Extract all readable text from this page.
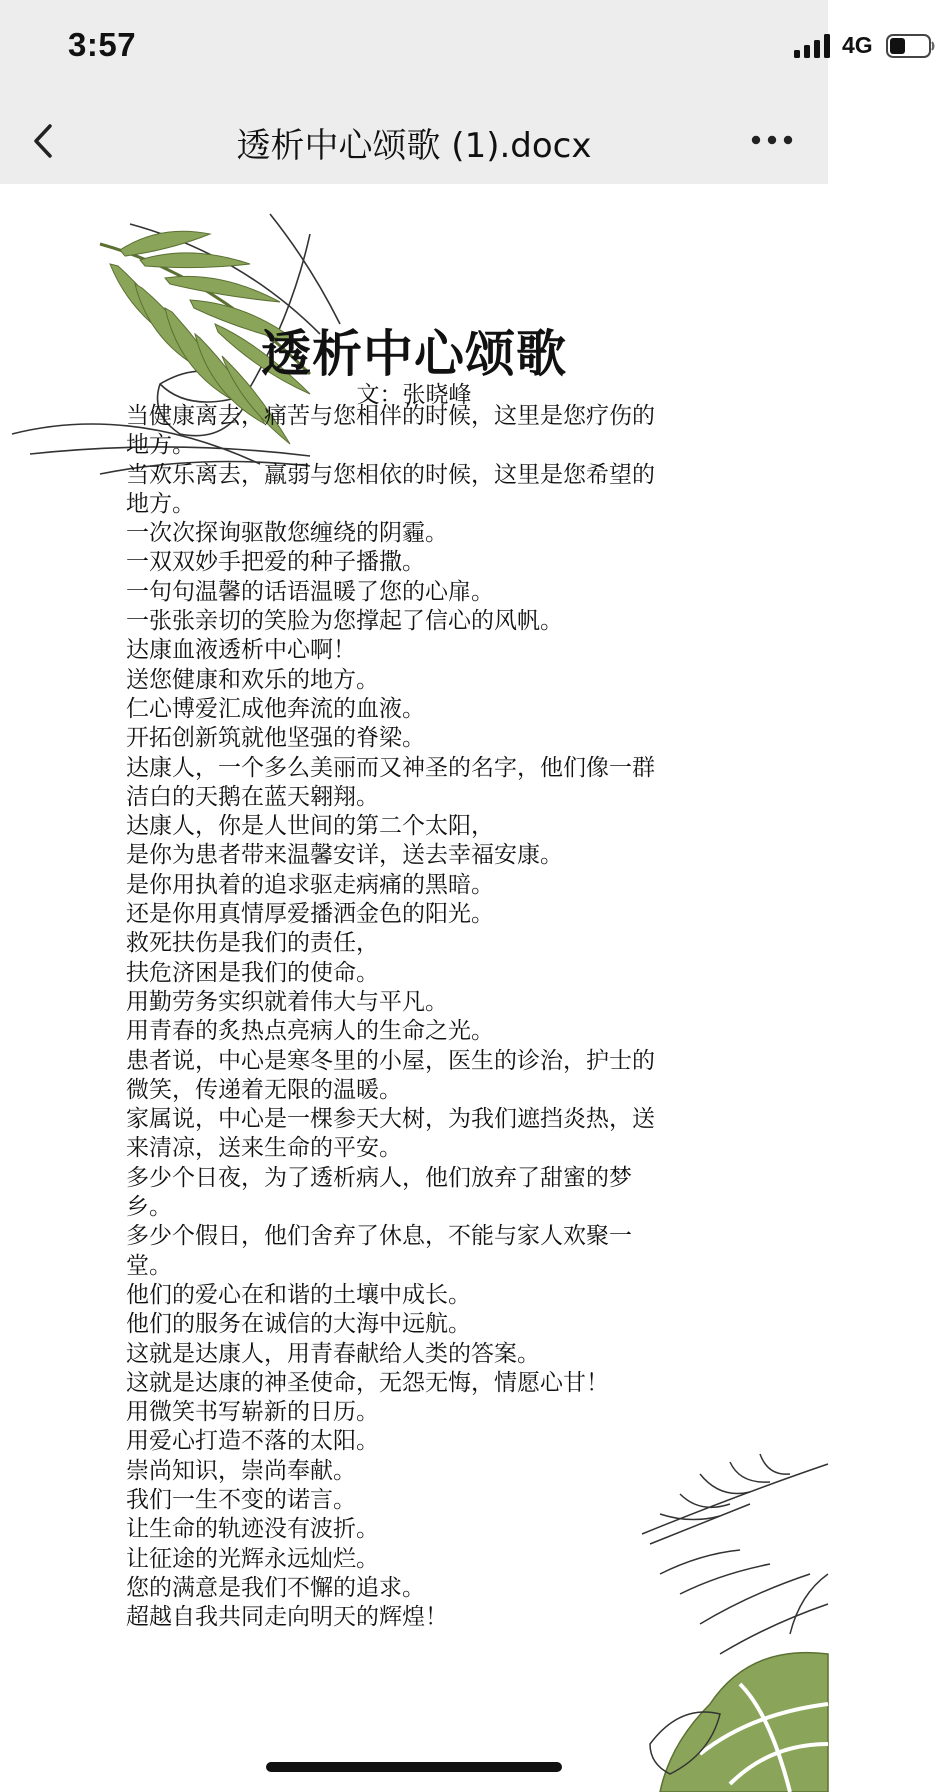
3:57	4G
透析中心颂歌 (1).docx
透析中心颂歌
文：张晓峰
当健康离去，痛苦与您相伴的时候，这里是您疗伤的
地方。
当欢乐离去，羸弱与您相依的时候，这里是您希望的
地方。
一次次探询驱散您缠绕的阴霾。
一双双妙手把爱的种子播撒。
一句句温馨的话语温暖了您的心扉。
一张张亲切的笑脸为您撑起了信心的风帆。
达康血液透析中心啊！
送您健康和欢乐的地方。
仁心博爱汇成他奔流的血液。
开拓创新筑就他坚强的脊梁。
达康人，一个多么美丽而又神圣的名字，他们像一群
洁白的天鹅在蓝天翱翔。
达康人，你是人世间的第二个太阳，
是你为患者带来温馨安详，送去幸福安康。
是你用执着的追求驱走病痛的黑暗。
还是你用真情厚爱播洒金色的阳光。
救死扶伤是我们的责任，
扶危济困是我们的使命。
用勤劳务实织就着伟大与平凡。
用青春的炙热点亮病人的生命之光。
患者说，中心是寒冬里的小屋，医生的诊治，护士的
微笑，传递着无限的温暖。
家属说，中心是一棵参天大树，为我们遮挡炎热，送
来清凉，送来生命的平安。
多少个日夜，为了透析病人，他们放弃了甜蜜的梦
乡。
多少个假日，他们舍弃了休息，不能与家人欢聚一
堂。
他们的爱心在和谐的土壤中成长。
他们的服务在诚信的大海中远航。
这就是达康人，用青春献给人类的答案。
这就是达康的神圣使命，无怨无悔，情愿心甘！
用微笑书写崭新的日历。
用爱心打造不落的太阳。
崇尚知识，崇尚奉献。
我们一生不变的诺言。
让生命的轨迹没有波折。
让征途的光辉永远灿烂。
您的满意是我们不懈的追求。
超越自我共同走向明天的辉煌！
